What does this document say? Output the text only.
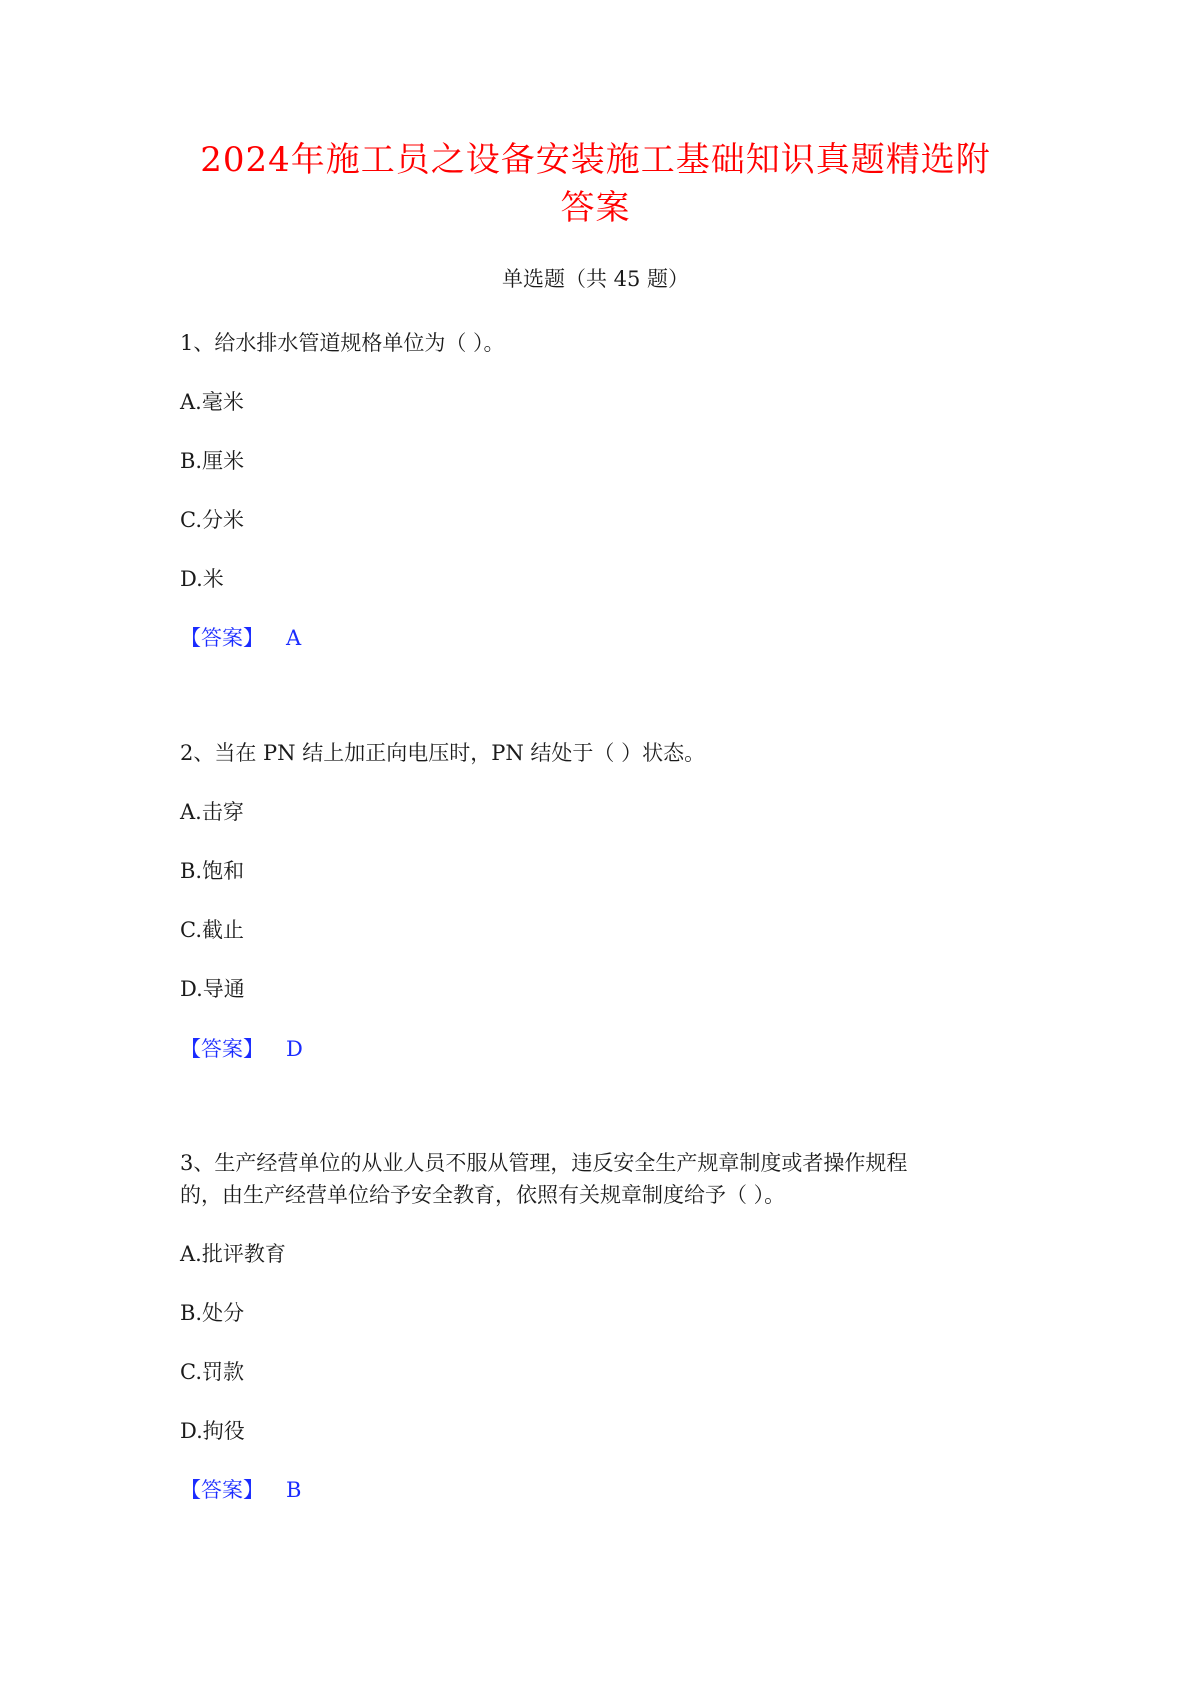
2024年施工员之设备安装施工基础知识真题精选附
答案
单选题（共 45 题）
1、给水排水管道规格单位为（ ）。
A.毫米
B.厘米
C.分米
D.米
【答案】 A
2、当在 PN 结上加正向电压时，PN 结处于（ ）状态。
A.击穿
B.饱和
C.截止
D.导通
【答案】 D
3、生产经营单位的从业人员不服从管理，违反安全生产规章制度或者操作规程
的，由生产经营单位给予安全教育，依照有关规章制度给予（ ）。
A.批评教育
B.处分
C.罚款
D.拘役
【答案】 B
